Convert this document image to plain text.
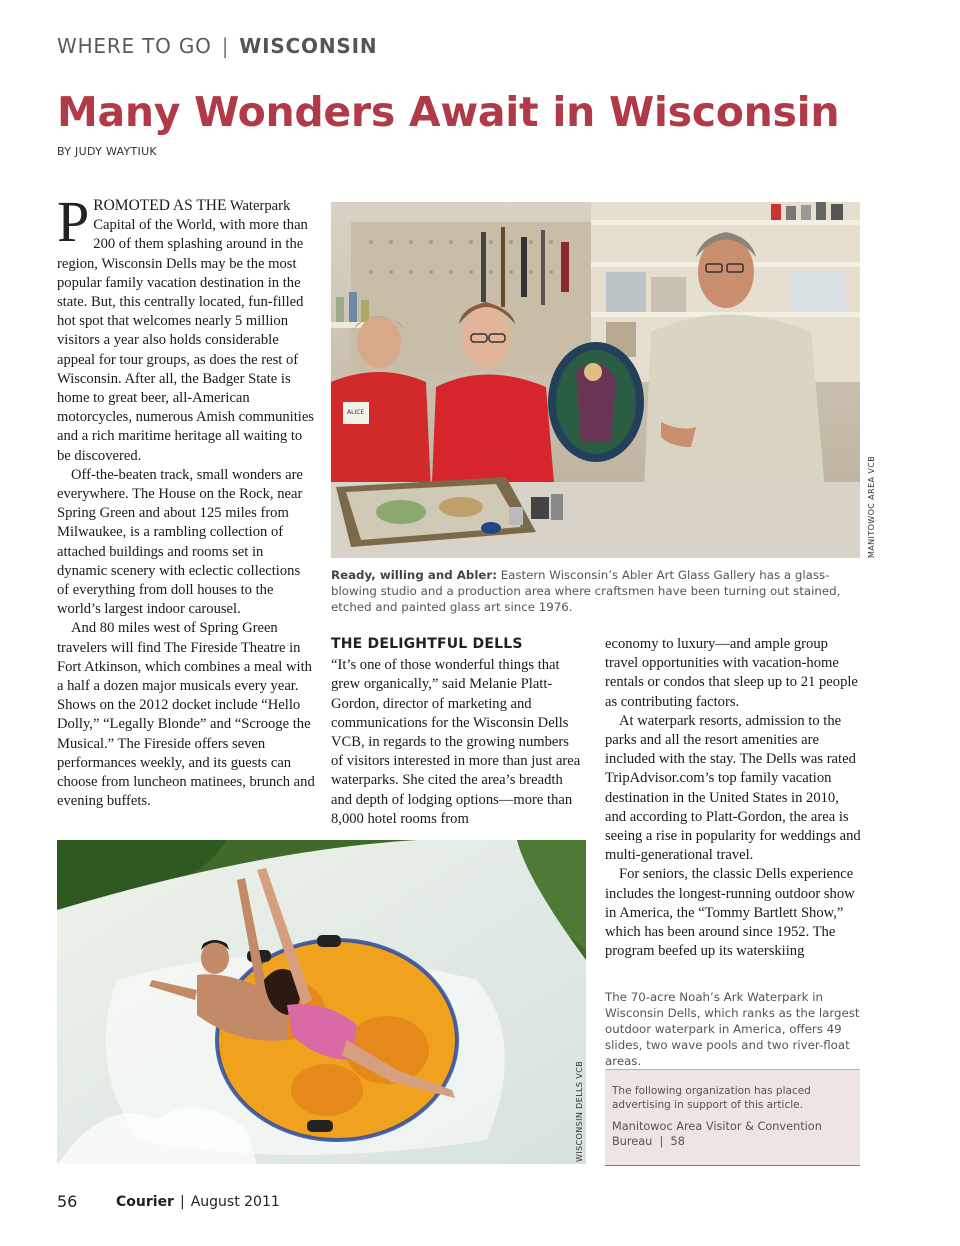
WHERE TO GO | WISCONSIN
Many Wonders Await in Wisconsin
BY JUDY WAYTIUK

PROMOTED AS THE Waterpark Capital of the World, with more than 200 of them splashing around in the region, Wisconsin Dells may be the most popular family vacation destination in the state. But, this centrally located, fun-filled hot spot that welcomes nearly 5 million visitors a year also holds considerable appeal for tour groups, as does the rest of Wisconsin. After all, the Badger State is home to great beer, all-American motorcycles, numerous Amish communities and a rich maritime heritage all waiting to be discovered.

Off-the-beaten track, small wonders are everywhere. The House on the Rock, near Spring Green and about 125 miles from Milwaukee, is a rambling collection of attached buildings and rooms set in dynamic scenery with eclectic collections of everything from doll houses to the world’s largest indoor carousel.

And 80 miles west of Spring Green travelers will find The Fireside Theatre in Fort Atkinson, which combines a meal with a half a dozen major musicals every year. Shows on the 2012 docket include “Hello Dolly,” “Legally Blonde” and “Scrooge the Musical.” The Fireside offers seven performances weekly, and its guests can choose from luncheon matinees, brunch and evening buffets.

ALICE
MANITOWOC AREA VCB
Ready, willing and Abler: Eastern Wisconsin’s Abler Art Glass Gallery has a glass-blowing studio and a production area where craftsmen have been turning out stained, etched and painted glass art since 1976.

THE DELIGHTFUL DELLS

“It’s one of those wonderful things that grew organically,” said Melanie Platt-Gordon, director of marketing and communications for the Wisconsin Dells VCB, in regards to the growing numbers of visitors interested in more than just area waterparks. She cited the area’s breadth and depth of lodging options—more than 8,000 hotel rooms from

economy to luxury—and ample group travel opportunities with vacation-home rentals or condos that sleep up to 21 people as contributing factors.

At waterpark resorts, admission to the parks and all the resort amenities are included with the stay. The Dells was rated TripAdvisor.com’s top family vacation destination in the United States in 2010, and according to Platt-Gordon, the area is seeing a rise in popularity for weddings and multi-generational travel.

For seniors, the classic Dells experience includes the longest-running outdoor show in America, the “Tommy Bartlett Show,” which has been around since 1952. The program beefed up its waterskiing

WISCONSIN DELLS VCB
The 70-acre Noah’s Ark Waterpark in Wisconsin Dells, which ranks as the largest outdoor waterpark in America, offers 49 slides, two wave pools and two river-float areas.
The following organization has placed advertising in support of this article.
Manitowoc Area Visitor & Convention Bureau | 58
56	Courier | August 2011
